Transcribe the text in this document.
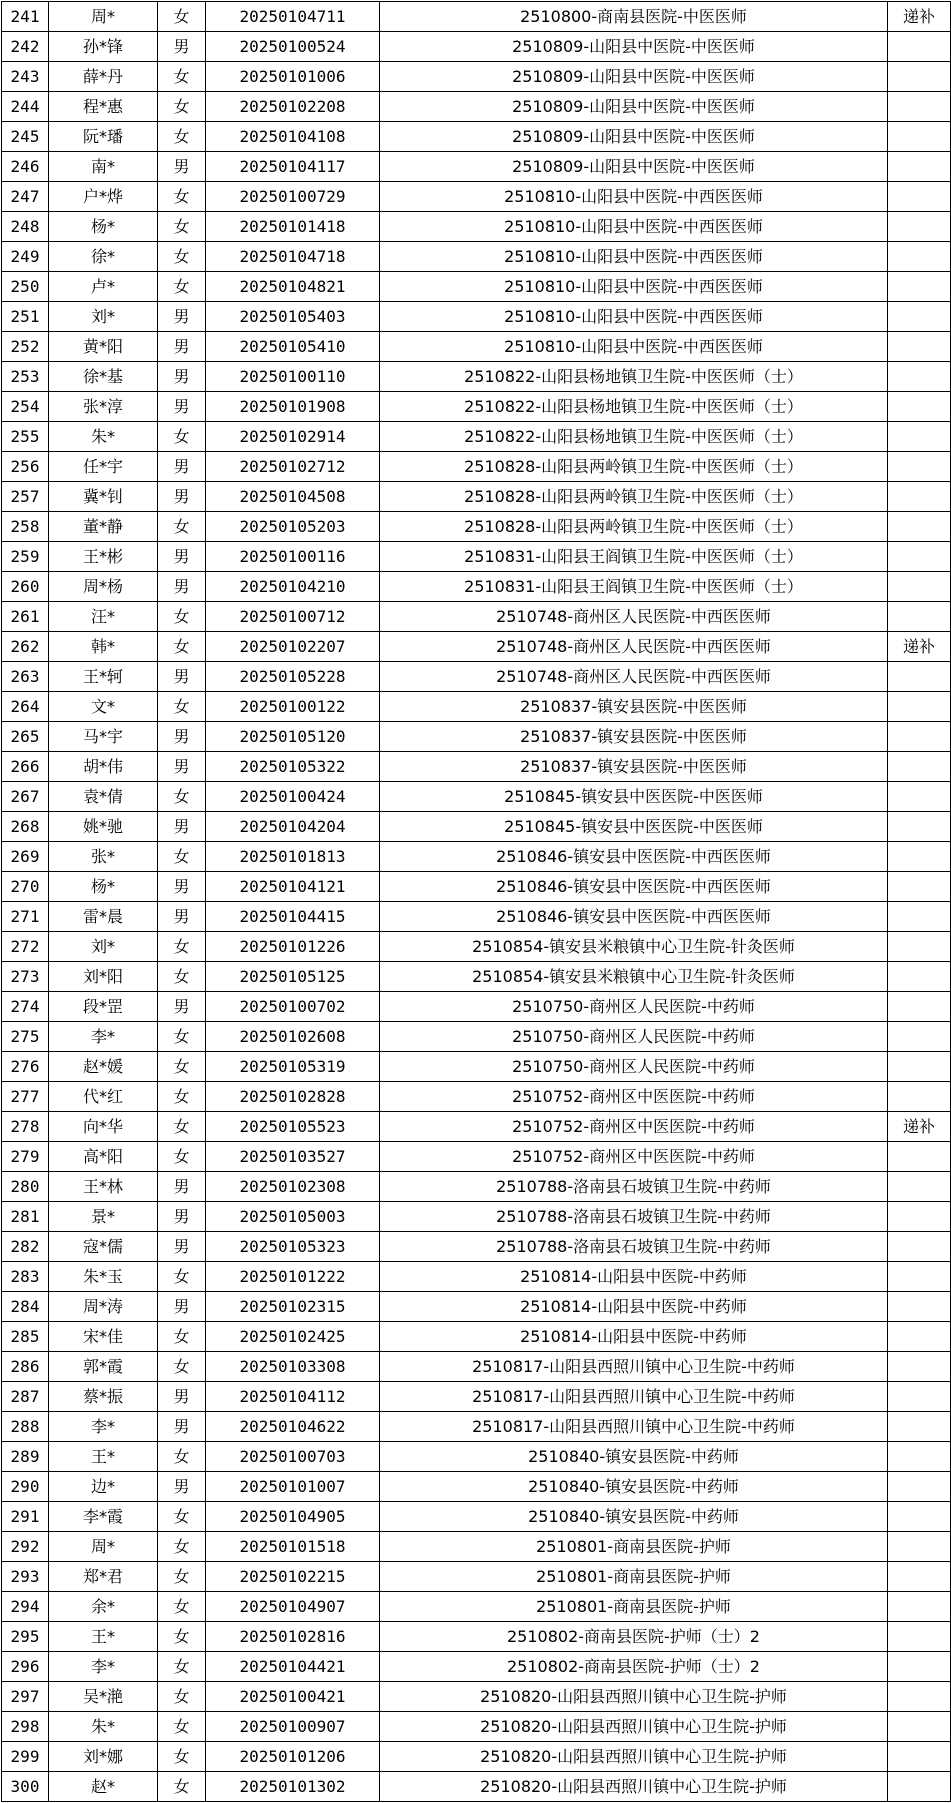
241	周*	女	20250104711	2510800-商南县医院-中医医师	递补
242	孙*锋	男	20250100524	2510809-山阳县中医院-中医医师	
243	薛*丹	女	20250101006	2510809-山阳县中医院-中医医师	
244	程*惠	女	20250102208	2510809-山阳县中医院-中医医师	
245	阮*璠	女	20250104108	2510809-山阳县中医院-中医医师	
246	南*	男	20250104117	2510809-山阳县中医院-中医医师	
247	户*烨	女	20250100729	2510810-山阳县中医院-中西医医师	
248	杨*	女	20250101418	2510810-山阳县中医院-中西医医师	
249	徐*	女	20250104718	2510810-山阳县中医院-中西医医师	
250	卢*	女	20250104821	2510810-山阳县中医院-中西医医师	
251	刘*	男	20250105403	2510810-山阳县中医院-中西医医师	
252	黄*阳	男	20250105410	2510810-山阳县中医院-中西医医师	
253	徐*基	男	20250100110	2510822-山阳县杨地镇卫生院-中医医师（士）	
254	张*淳	男	20250101908	2510822-山阳县杨地镇卫生院-中医医师（士）	
255	朱*	女	20250102914	2510822-山阳县杨地镇卫生院-中医医师（士）	
256	任*宇	男	20250102712	2510828-山阳县两岭镇卫生院-中医医师（士）	
257	冀*钊	男	20250104508	2510828-山阳县两岭镇卫生院-中医医师（士）	
258	董*静	女	20250105203	2510828-山阳县两岭镇卫生院-中医医师（士）	
259	王*彬	男	20250100116	2510831-山阳县王阎镇卫生院-中医医师（士）	
260	周*杨	男	20250104210	2510831-山阳县王阎镇卫生院-中医医师（士）	
261	汪*	女	20250100712	2510748-商州区人民医院-中西医医师	
262	韩*	女	20250102207	2510748-商州区人民医院-中西医医师	递补
263	王*轲	男	20250105228	2510748-商州区人民医院-中西医医师	
264	文*	女	20250100122	2510837-镇安县医院-中医医师	
265	马*宇	男	20250105120	2510837-镇安县医院-中医医师	
266	胡*伟	男	20250105322	2510837-镇安县医院-中医医师	
267	袁*倩	女	20250100424	2510845-镇安县中医医院-中医医师	
268	姚*驰	男	20250104204	2510845-镇安县中医医院-中医医师	
269	张*	女	20250101813	2510846-镇安县中医医院-中西医医师	
270	杨*	男	20250104121	2510846-镇安县中医医院-中西医医师	
271	雷*晨	男	20250104415	2510846-镇安县中医医院-中西医医师	
272	刘*	女	20250101226	2510854-镇安县米粮镇中心卫生院-针灸医师	
273	刘*阳	女	20250105125	2510854-镇安县米粮镇中心卫生院-针灸医师	
274	段*罡	男	20250100702	2510750-商州区人民医院-中药师	
275	李*	女	20250102608	2510750-商州区人民医院-中药师	
276	赵*媛	女	20250105319	2510750-商州区人民医院-中药师	
277	代*红	女	20250102828	2510752-商州区中医医院-中药师	
278	向*华	女	20250105523	2510752-商州区中医医院-中药师	递补
279	高*阳	女	20250103527	2510752-商州区中医医院-中药师	
280	王*林	男	20250102308	2510788-洛南县石坡镇卫生院-中药师	
281	景*	男	20250105003	2510788-洛南县石坡镇卫生院-中药师	
282	寇*儒	男	20250105323	2510788-洛南县石坡镇卫生院-中药师	
283	朱*玉	女	20250101222	2510814-山阳县中医院-中药师	
284	周*涛	男	20250102315	2510814-山阳县中医院-中药师	
285	宋*佳	女	20250102425	2510814-山阳县中医院-中药师	
286	郭*霞	女	20250103308	2510817-山阳县西照川镇中心卫生院-中药师	
287	蔡*振	男	20250104112	2510817-山阳县西照川镇中心卫生院-中药师	
288	李*	男	20250104622	2510817-山阳县西照川镇中心卫生院-中药师	
289	王*	女	20250100703	2510840-镇安县医院-中药师	
290	边*	男	20250101007	2510840-镇安县医院-中药师	
291	李*霞	女	20250104905	2510840-镇安县医院-中药师	
292	周*	女	20250101518	2510801-商南县医院-护师	
293	郑*君	女	20250102215	2510801-商南县医院-护师	
294	余*	女	20250104907	2510801-商南县医院-护师	
295	王*	女	20250102816	2510802-商南县医院-护师（士）2	
296	李*	女	20250104421	2510802-商南县医院-护师（士）2	
297	吴*滟	女	20250100421	2510820-山阳县西照川镇中心卫生院-护师	
298	朱*	女	20250100907	2510820-山阳县西照川镇中心卫生院-护师	
299	刘*娜	女	20250101206	2510820-山阳县西照川镇中心卫生院-护师	
300	赵*	女	20250101302	2510820-山阳县西照川镇中心卫生院-护师	
